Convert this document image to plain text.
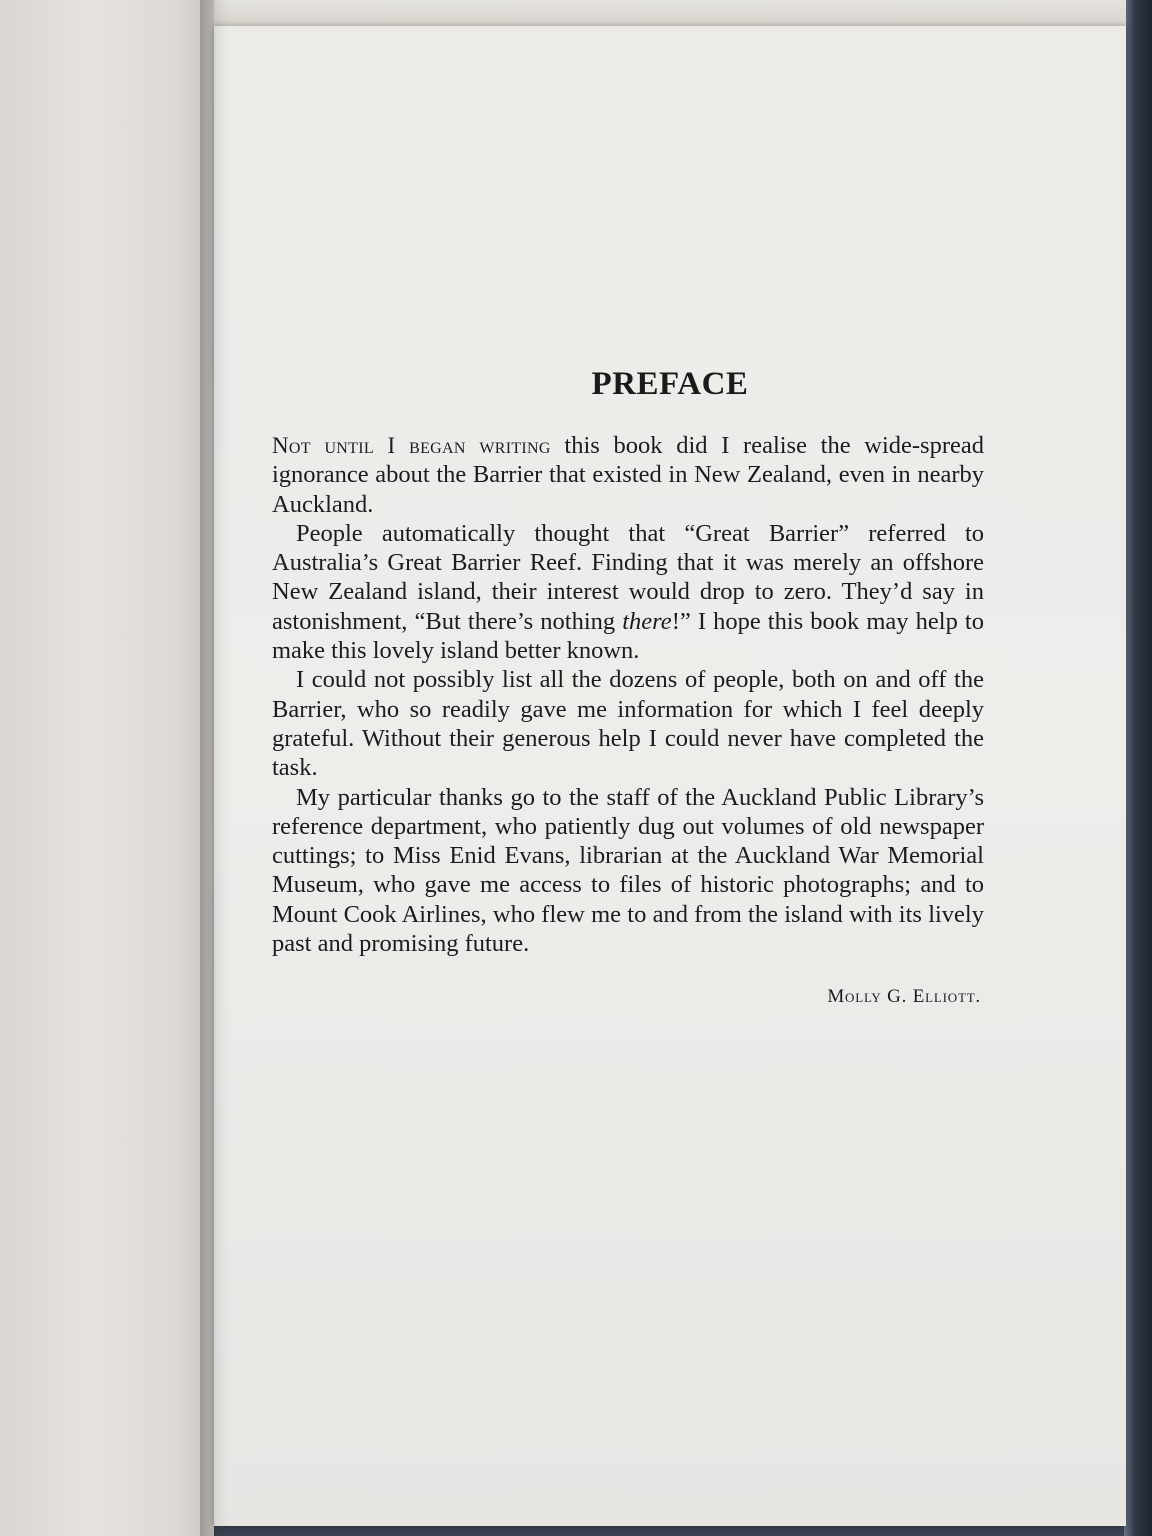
PREFACE

Not until I began writing this book did I realise the wide-spread ignorance about the Barrier that existed in New Zealand, even in nearby Auckland.

People automatically thought that “Great Barrier” referred to Australia’s Great Barrier Reef. Finding that it was merely an offshore New Zealand island, their interest would drop to zero. They’d say in astonishment, “But there’s nothing there!” I hope this book may help to make this lovely island better known.

I could not possibly list all the dozens of people, both on and off the Barrier, who so readily gave me information for which I feel deeply grateful. Without their generous help I could never have completed the task.

My particular thanks go to the staff of the Auckland Public Library’s reference department, who patiently dug out volumes of old newspaper cuttings; to Miss Enid Evans, librarian at the Auckland War Memorial Museum, who gave me access to files of historic photographs; and to Mount Cook Airlines, who flew me to and from the island with its lively past and promising future.

Molly G. Elliott.
